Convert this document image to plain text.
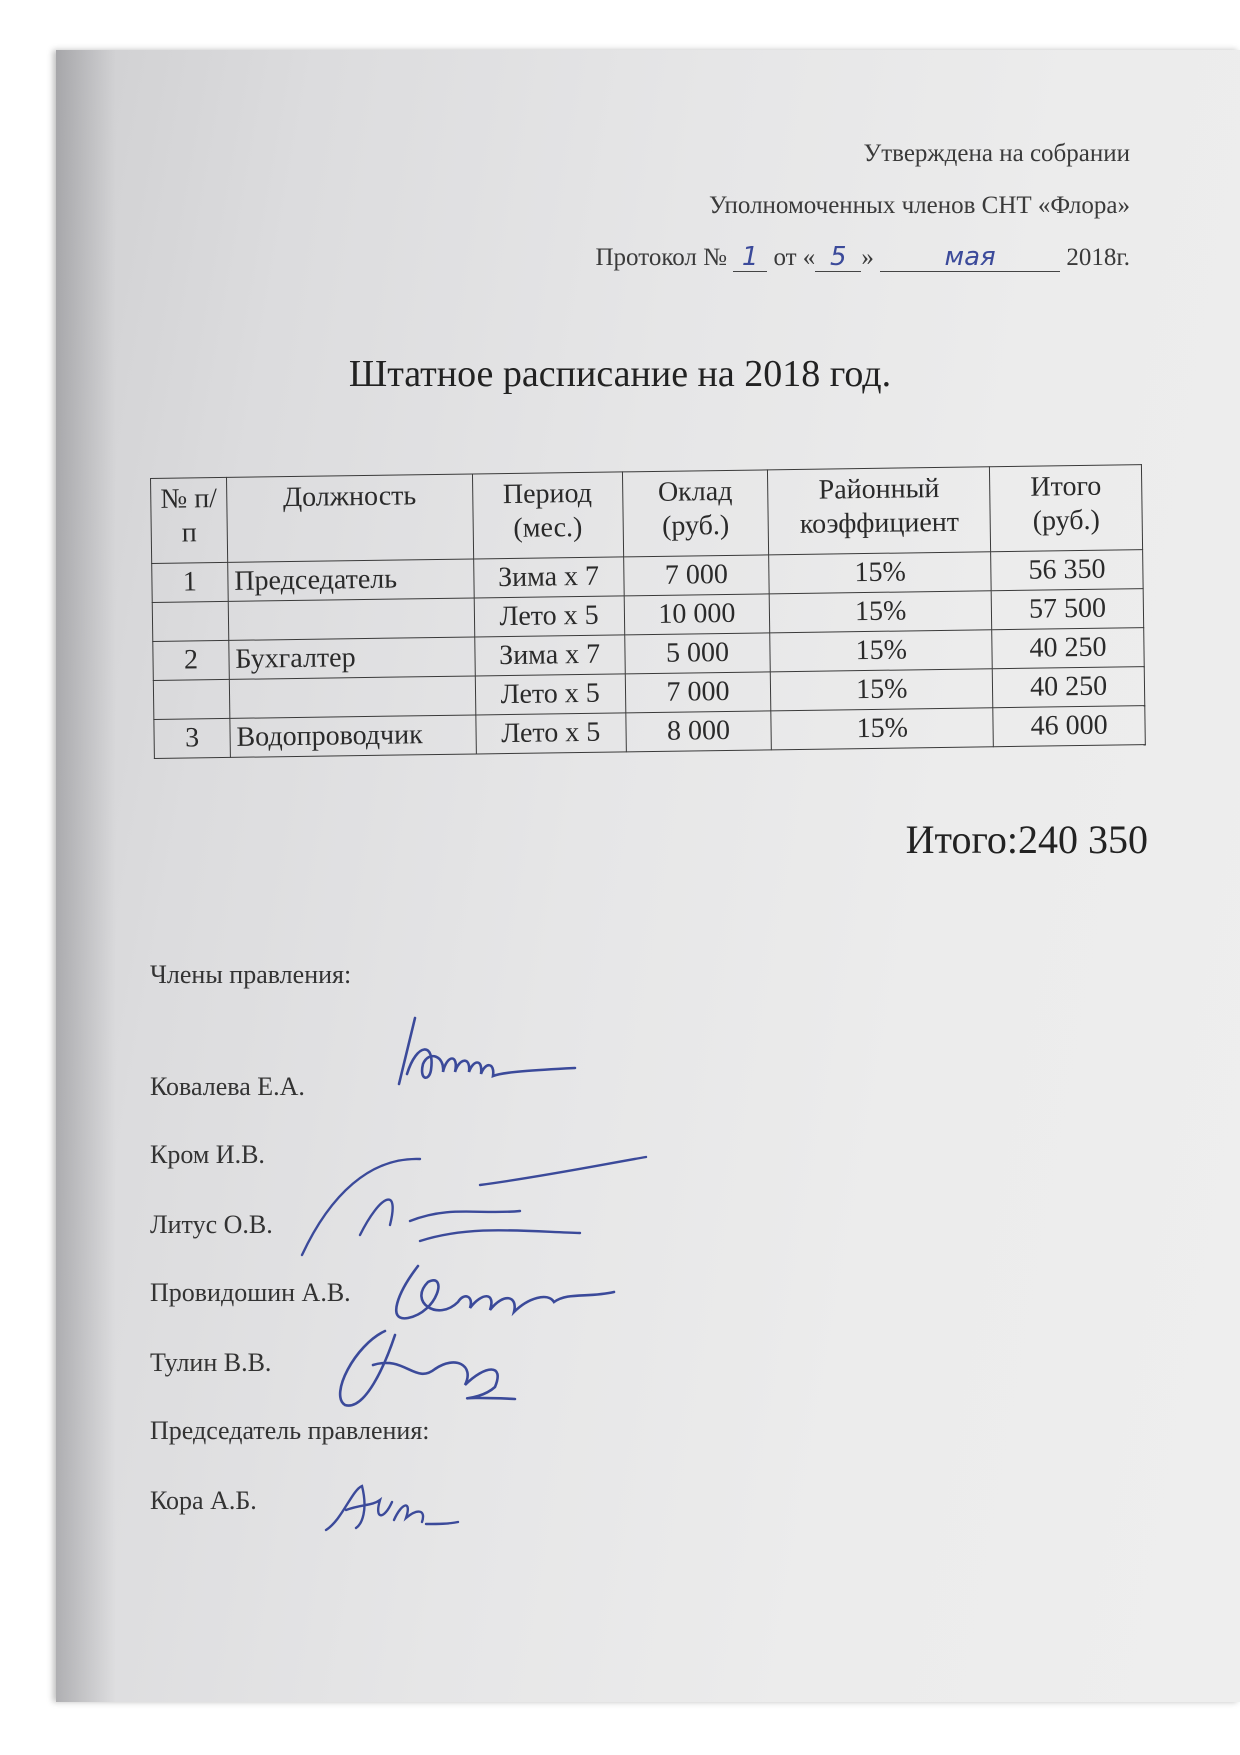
Утверждена на собрании
Уполномоченных членов СНТ «Флора»
Протокол № 1 от « 5 »	мая	2018г.
Штатное расписание на 2018 год.
№ п/п	Должность	Период (мес.)	Оклад (руб.)	Районный коэффициент	Итого (руб.)
1	Председатель	Зима х 7	7 000	15%	56 350
		Лето х 5	10 000	15%	57 500
2	Бухгалтер	Зима х 7	5 000	15%	40 250
		Лето х 5	7 000	15%	40 250
3	Водопроводчик	Лето х 5	8 000	15%	46 000
Итого:240 350
Члены правления:
Ковалева Е.А.
Кром И.В.
Литус О.В.
Провидошин А.В.
Тулин В.В.
Председатель правления:
Кора А.Б.
